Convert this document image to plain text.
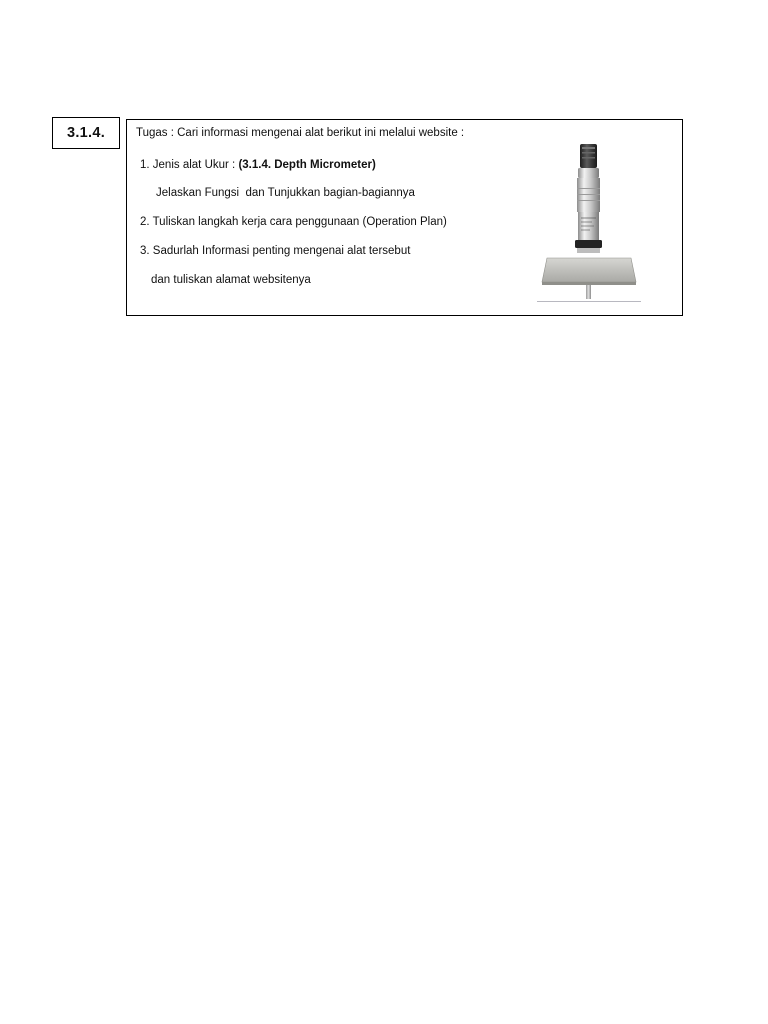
3.1.4.	Tugas : Cari informasi mengenai alat berikut ini melalui website :
1. Jenis alat Ukur : (3.1.4. Depth Micrometer)
Jelaskan Fungsi  dan Tunjukkan bagian-bagiannya
2. Tuliskan langkah kerja cara penggunaan (Operation Plan)
3. Sadurlah Informasi penting mengenai alat tersebut
dan tuliskan alamat websitenya
